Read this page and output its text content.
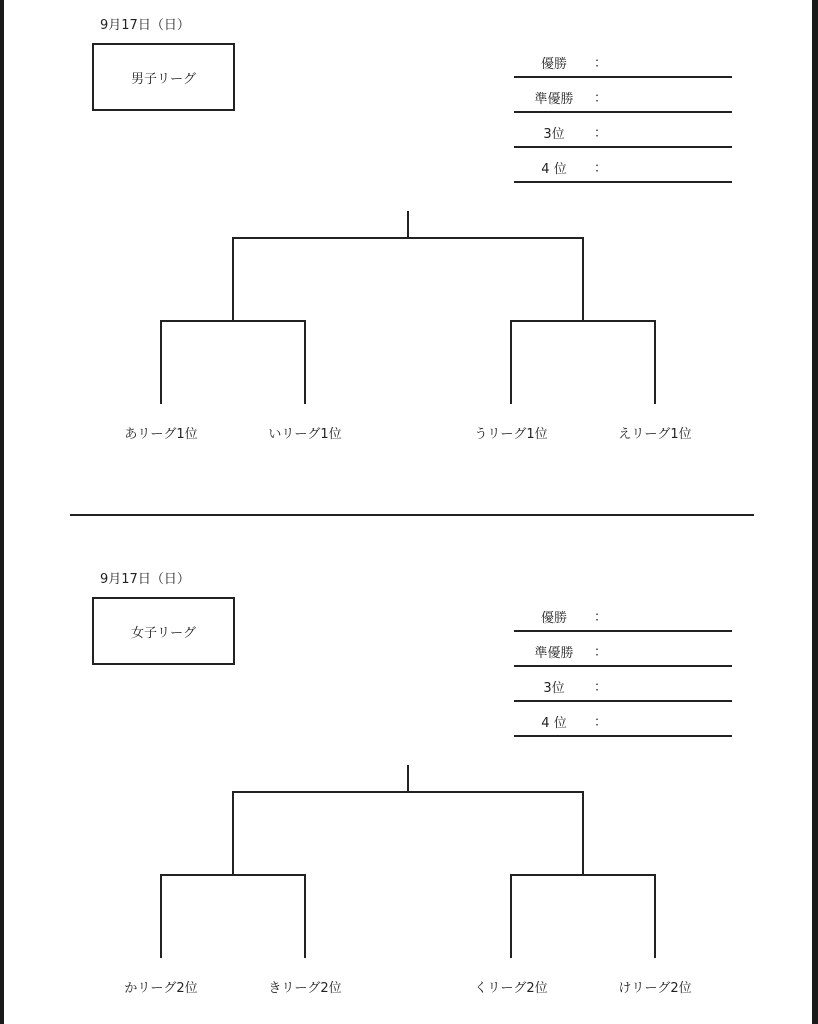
9月17日（日）
男子リーグ
優勝	：
準優勝	：
3位	：
4 位	：
あリーグ1位	いリーグ1位	うリーグ1位	えリーグ1位
9月17日（日）
女子リーグ
優勝	：
準優勝	：
3位	：
4 位	：
かリーグ2位	きリーグ2位	くリーグ2位	けリーグ2位
